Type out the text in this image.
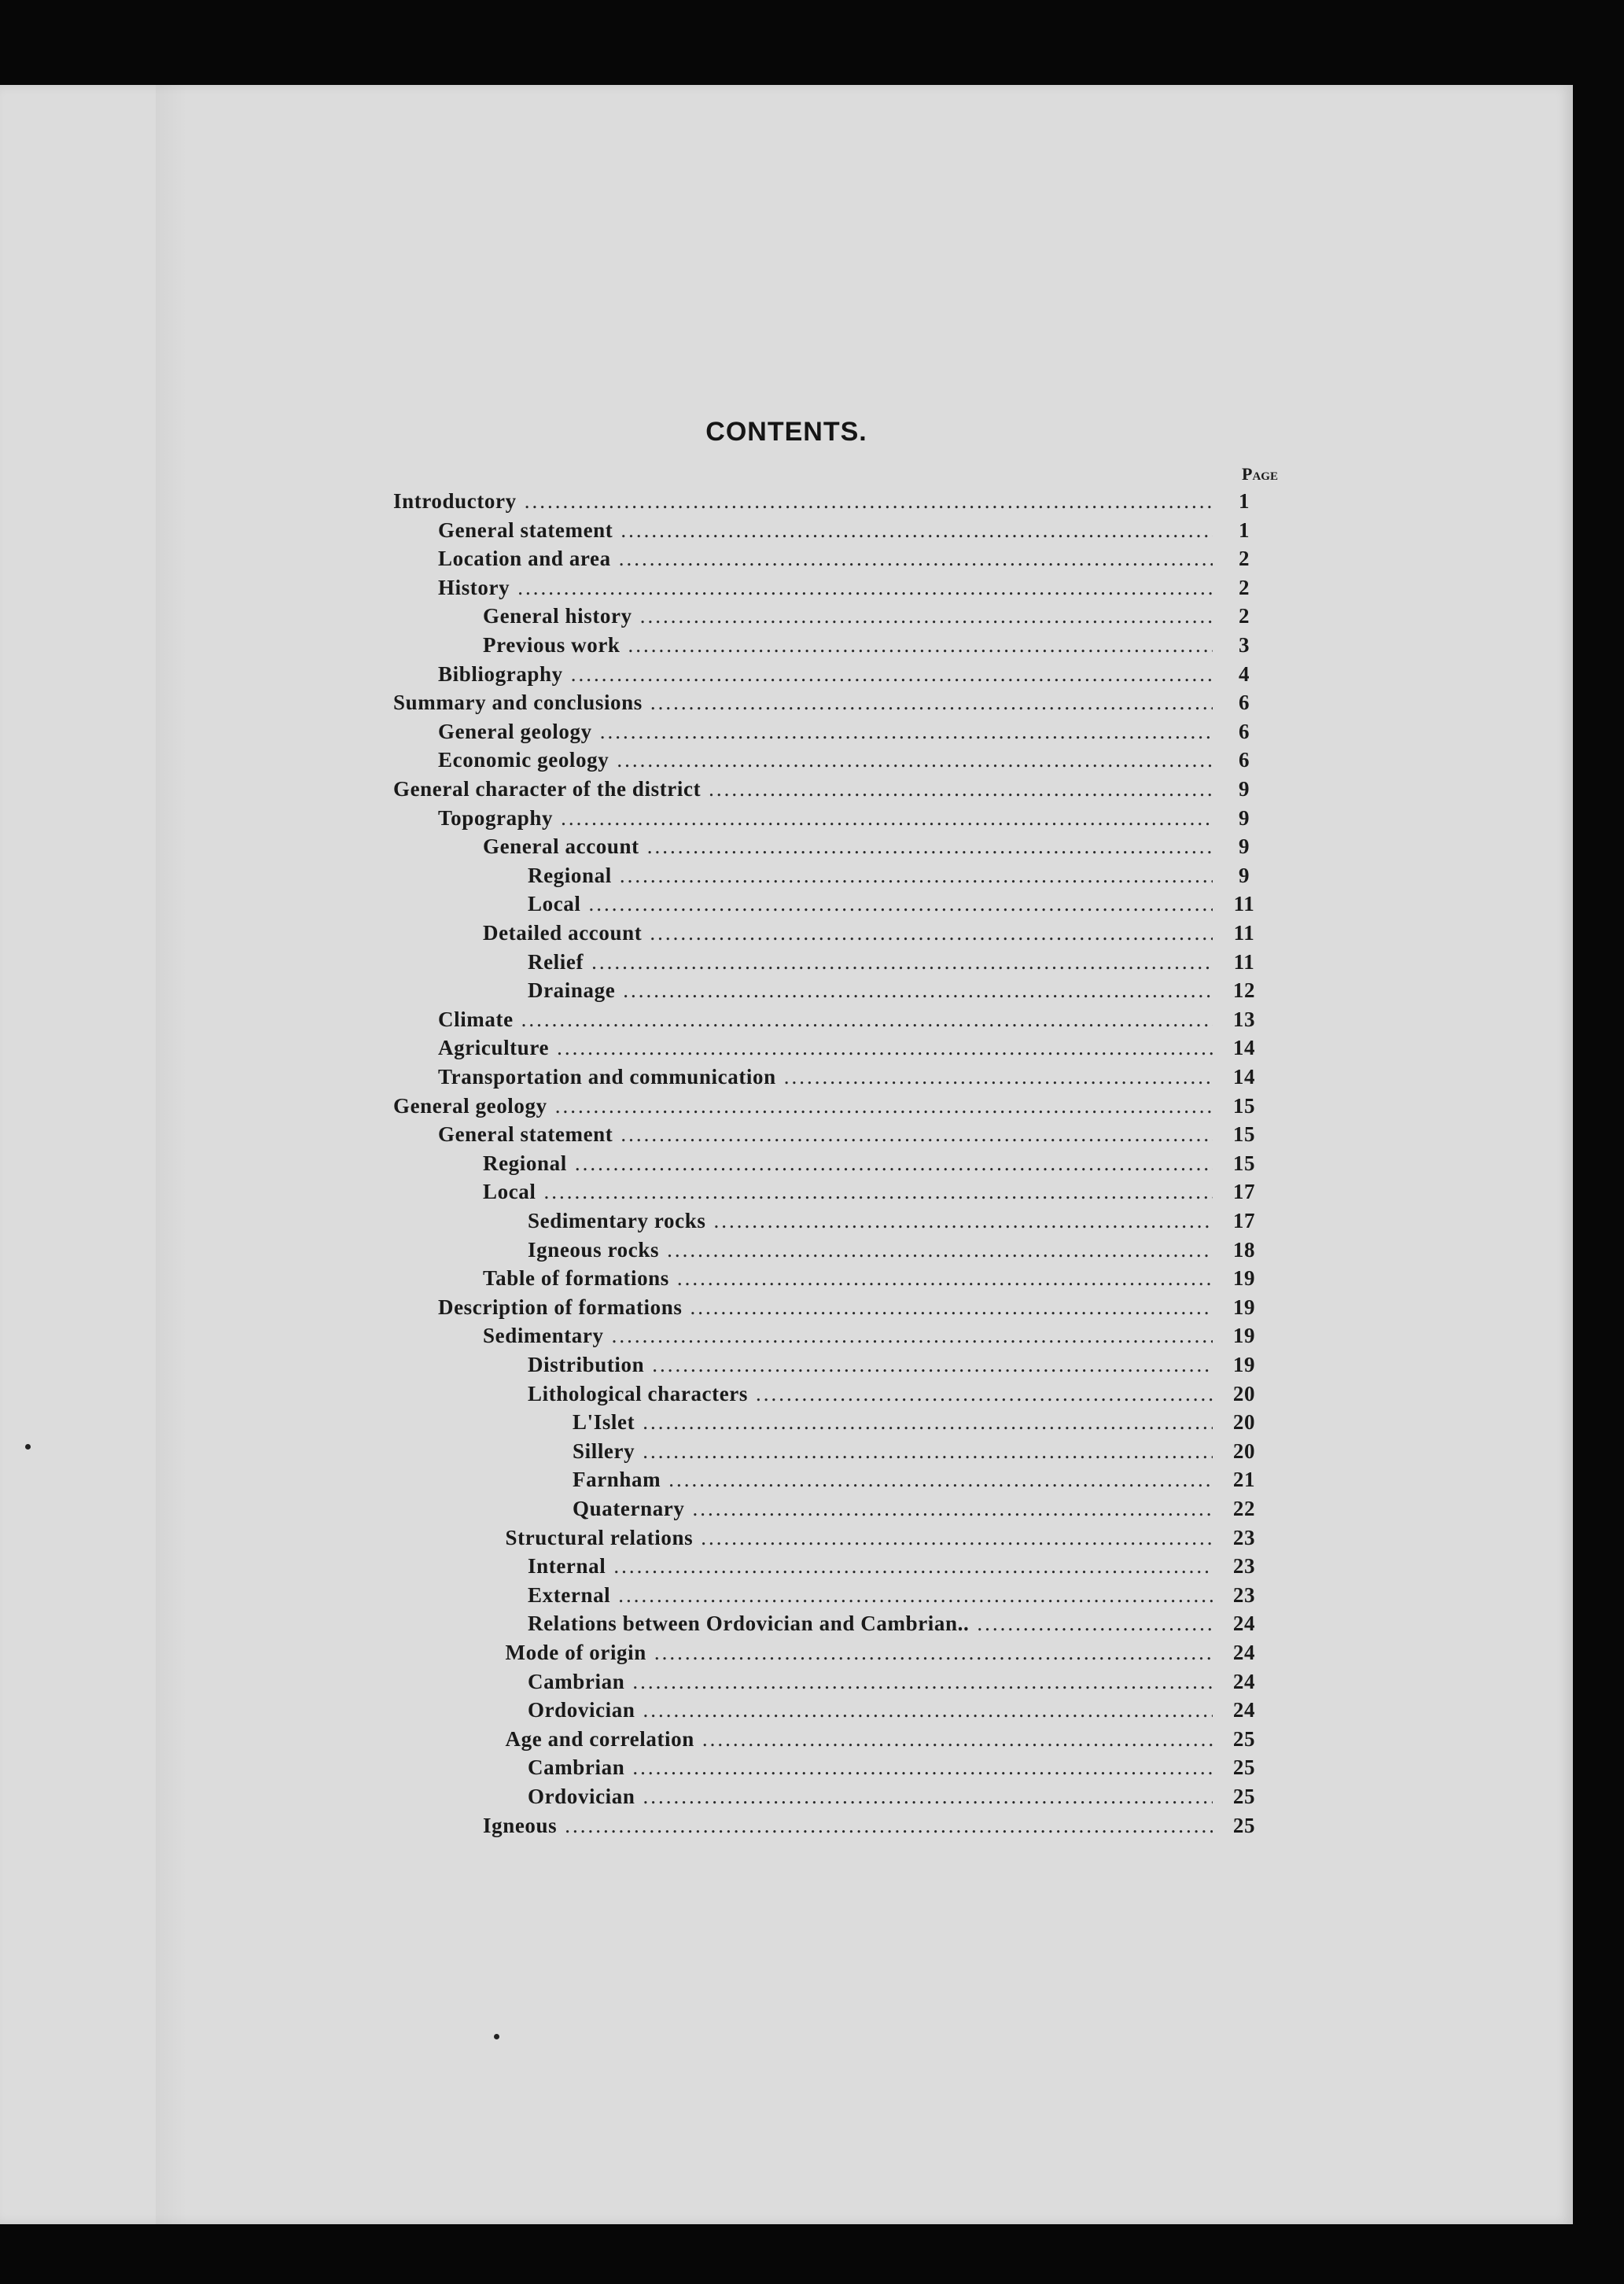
CONTENTS.
Page
Introductory .....	1
General statement .....	1
Location and area .....	2
History .....	2
General history .....	2
Previous work .....	3
Bibliography .....	4
Summary and conclusions .....	6
General geology .....	6
Economic geology .....	6
General character of the district .....	9
Topography .....	9
General account .....	9
Regional .....	9
Local .....	11
Detailed account .....	11
Relief .....	11
Drainage .....	12
Climate .....	13
Agriculture .....	14
Transportation and communication .....	14
General geology .....	15
General statement .....	15
Regional .....	15
Local .....	17
Sedimentary rocks .....	17
Igneous rocks .....	18
Table of formations .....	19
Description of formations .....	19
Sedimentary .....	19
Distribution .....	19
Lithological characters .....	20
L'Islet .....	20
Sillery .....	20
Farnham .....	21
Quaternary .....	22
Structural relations .....	23
Internal .....	23
External .....	23
Relations between Ordovician and Cambrian.. .....	24
Mode of origin .....	24
Cambrian .....	24
Ordovician .....	24
Age and correlation .....	25
Cambrian .....	25
Ordovician .....	25
Igneous .....	25
